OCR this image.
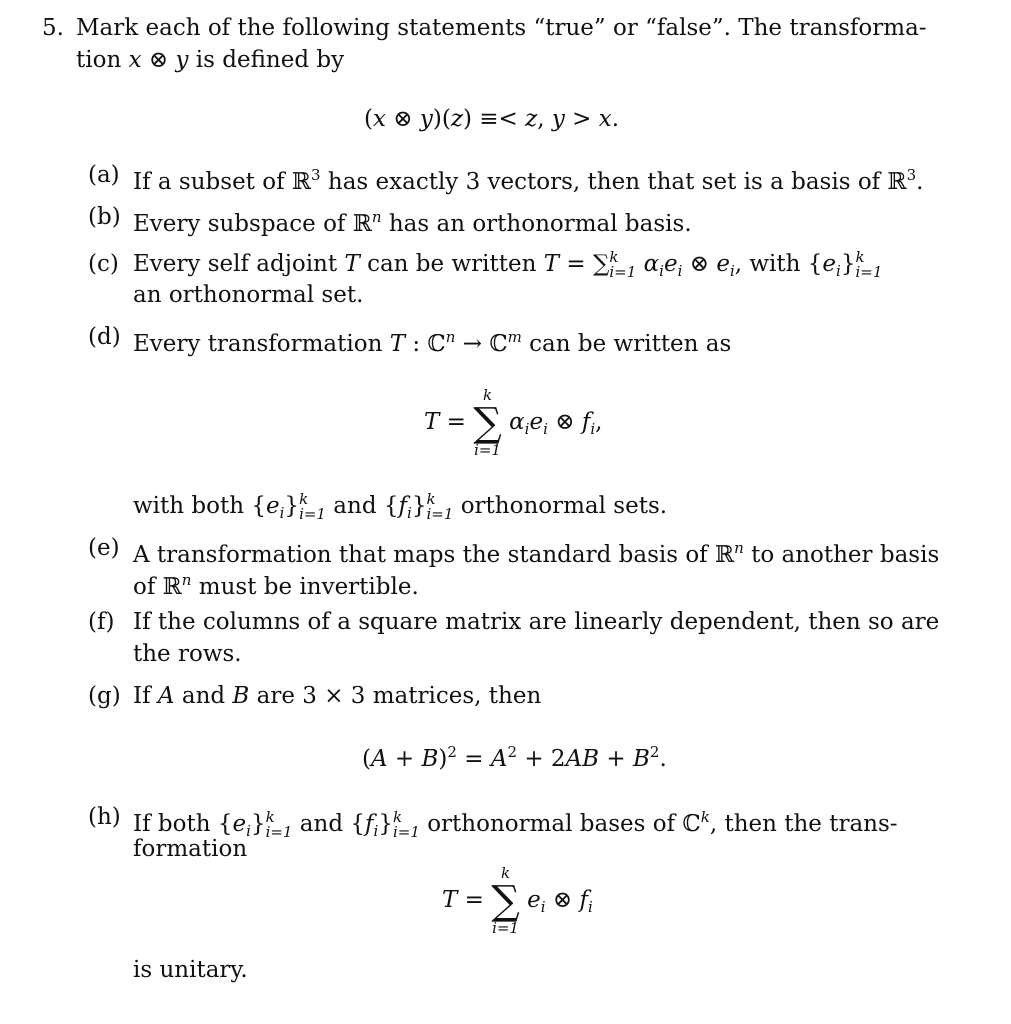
5. Mark each of the following statements “true” or “false”. The transforma-
tion x ⊗ y is defined by
(x ⊗ y)(z) ≡< z, y > x.
(a) If a subset of ℝ$^3$ has exactly 3 vectors, then that set is a basis of ℝ$^3$.
(b) Every subspace of ℝ$^n$ has an orthonormal basis.
(c) Every self adjoint T can be written T = ∑ k
i=1 $\alpha_ie_i$ ⊗ $e_i$, with $\{e_i\}$ k
i=1
an orthonormal set.
(d) Every transformation T : ℂ$^n$ → ℂ$^m$ can be written as
T =
k
∑
i=1
$\alpha_ie_i$ ⊗ $f_i$,
with both $\{e_i\}$ k
i=1 and $\{f_i\}$ k
i=1 orthonormal sets.
(e) A transformation that maps the standard basis of ℝ$^n$ to another basis
of ℝ$^n$ must be invertible.
(f) If the columns of a square matrix are linearly dependent, then so are
the rows.
(g) If A and B are 3 × 3 matrices, then
$(A + B)^2 = A^2 + 2AB + B^2$.
(h) If both $\{e_i\}$ k
i=1 and $\{f_i\}$ k
i=1 orthonormal bases of ℂ$^k$, then the trans-
formation
T =
k
∑
i=1
$e_i$ ⊗ $f_i$
is unitary.
